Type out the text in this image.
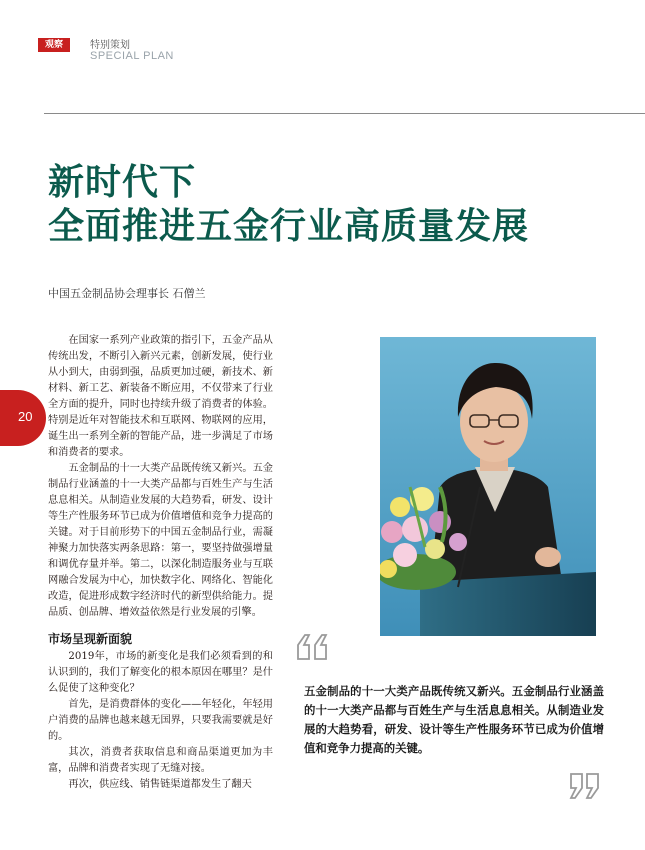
观察	特别策划
SPECIAL PLAN
新时代下
全面推进五金行业高质量发展
中国五金制品协会理事长 石僧兰
20

在国家一系列产业政策的指引下，五金产品从传统出发，不断引入新兴元素，创新发展，使行业从小到大，由弱到强，品质更加过硬，新技术、新材料、新工艺、新装备不断应用，不仅带来了行业全方面的提升，同时也持续升级了消费者的体验。特别是近年对智能技术和互联网、物联网的应用，诞生出一系列全新的智能产品，进一步满足了市场和消费者的要求。

五金制品的十一大类产品既传统又新兴。五金制品行业涵盖的十一大类产品都与百姓生产与生活息息相关。从制造业发展的大趋势看，研发、设计等生产性服务环节已成为价值增值和竞争力提高的关键。对于目前形势下的中国五金制品行业，需凝神聚力加快落实两条思路：第一，要坚持做强增量和调优存量并举。第二，以深化制造服务业与互联网融合发展为中心，加快数字化、网络化、智能化改造，促进形成数字经济时代的新型供给能力。提品质、创品牌、增效益依然是行业发展的引擎。

市场呈现新面貌

2019年，市场的新变化是我们必须看到的和认识到的，我们了解变化的根本原因在哪里？是什么促使了这种变化？

首先，是消费群体的变化——年轻化，年轻用户消费的品牌也越来越无国界，只要我需要就是好的。

其次，消费者获取信息和商品渠道更加为丰富，品牌和消费者实现了无缝对接。

再次，供应线、销售链渠道都发生了翻天

五金制品的十一大类产品既传统又新兴。五金制品行业涵盖的十一大类产品都与百姓生产与生活息息相关。从制造业发展的大趋势看，研发、设计等生产性服务环节已成为价值增值和竞争力提高的关键。
